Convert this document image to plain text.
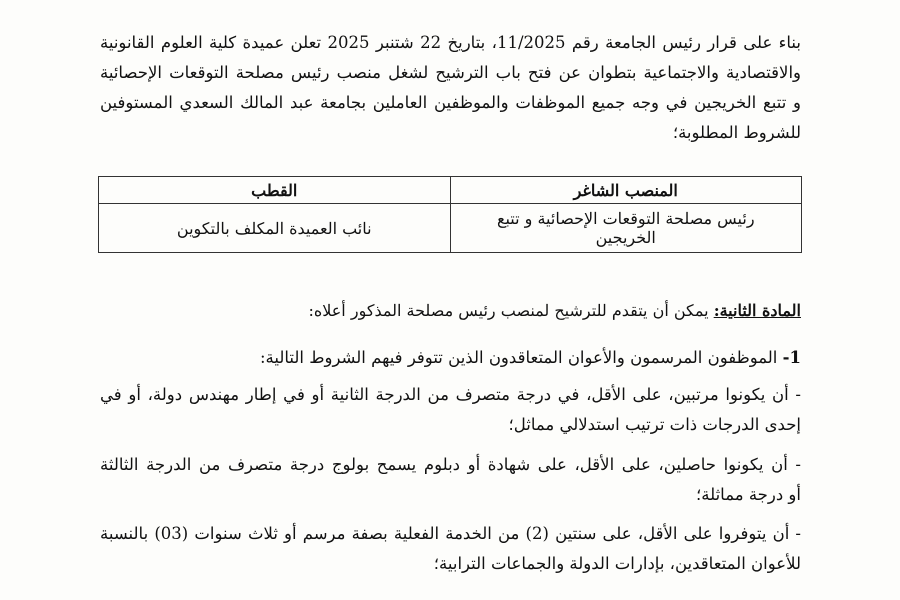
بناء على قرار رئيس الجامعة رقم 11/2025، بتاريخ 22 شتنبر 2025 تعلن عميدة كلية العلوم القانونية
والاقتصادية والاجتماعية بتطوان عن فتح باب الترشيح لشغل منصب رئيس مصلحة التوقعات الإحصائية
و تتبع الخريجين في وجه جميع الموظفات والموظفين العاملين بجامعة عبد المالك السعدي المستوفين
للشروط المطلوبة؛
المنصب الشاغر	القطب
رئيس مصلحة التوقعات الإحصائية و تتبع الخريجين	نائب العميدة المكلف بالتكوين
المادة الثانية: يمكن أن يتقدم للترشيح لمنصب رئيس مصلحة المذكور أعلاه:
1- الموظفون المرسمون والأعوان المتعاقدون الذين تتوفر فيهم الشروط التالية:
- أن يكونوا مرتبين، على الأقل، في درجة متصرف من الدرجة الثانية أو في إطار مهندس دولة، أو في
إحدى الدرجات ذات ترتيب استدلالي مماثل؛
- أن يكونوا حاصلين، على الأقل، على شهادة أو دبلوم يسمح بولوج درجة متصرف من الدرجة الثالثة
أو درجة مماثلة؛
- أن يتوفروا على الأقل، على سنتين (2) من الخدمة الفعلية بصفة مرسم أو ثلاث سنوات (03) بالنسبة
للأعوان المتعاقدين، بإدارات الدولة والجماعات الترابية؛
